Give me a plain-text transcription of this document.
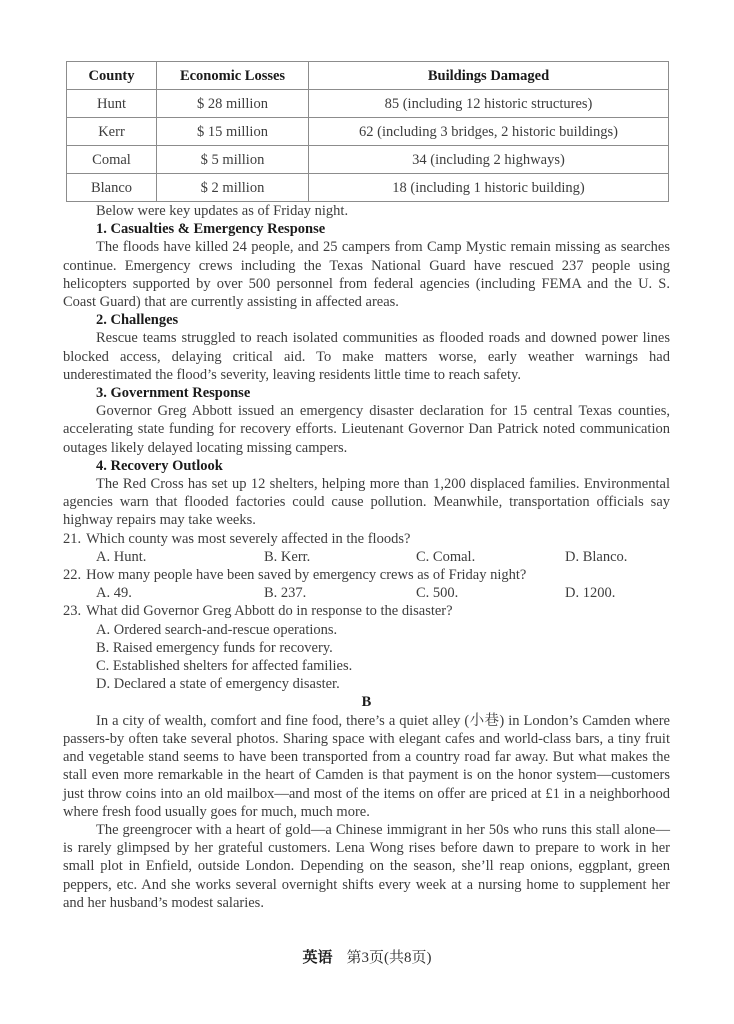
County	Economic Losses	Buildings Damaged
Hunt	$ 28 million	85 (including 12 historic structures)
Kerr	$ 15 million	62 (including 3 bridges, 2 historic buildings)
Comal	$ 5 million	34 (including 2 highways)
Blanco	$ 2 million	18 (including 1 historic building)

Below were key updates as of Friday night.

1. Casualties & Emergency Response

The floods have killed 24 people, and 25 campers from Camp Mystic remain missing as searches continue. Emergency crews including the Texas National Guard have rescued 237 people using helicopters supported by over 500 personnel from federal agencies (including FEMA and the U. S. Coast Guard) that are currently assisting in affected areas.

2. Challenges

Rescue teams struggled to reach isolated communities as flooded roads and downed power lines blocked access, delaying critical aid. To make matters worse, early weather warnings had underestimated the flood’s severity, leaving residents little time to reach safety.

3. Government Response

Governor Greg Abbott issued an emergency disaster declaration for 15 central Texas counties, accelerating state funding for recovery efforts. Lieutenant Governor Dan Patrick noted communication outages likely delayed locating missing campers.

4. Recovery Outlook

The Red Cross has set up 12 shelters, helping more than 1,200 displaced families. Environmental agencies warn that flooded factories could cause pollution. Meanwhile, transportation officials say highway repairs may take weeks.

21. Which county was most severely affected in the floods?

A. Hunt.	B. Kerr.	C. Comal.	D. Blanco.

22. How many people have been saved by emergency crews as of Friday night?

A. 49.	B. 237.	C. 500.	D. 1200.

23. What did Governor Greg Abbott do in response to the disaster?

A. Ordered search-and-rescue operations.

B. Raised emergency funds for recovery.

C. Established shelters for affected families.

D. Declared a state of emergency disaster.

B

In a city of wealth, comfort and fine food, there’s a quiet alley (小巷) in London’s Camden where passers-by often take several photos. Sharing space with elegant cafes and world-class bars, a tiny fruit and vegetable stand seems to have been transported from a country road far away. But what makes the stall even more remarkable in the heart of Camden is that payment is on the honor system—customers just throw coins into an old mailbox—and most of the items on offer are priced at £1 in a neighborhood where fresh food usually goes for much, much more.

The greengrocer with a heart of gold—a Chinese immigrant in her 50s who runs this stall alone—is rarely glimpsed by her grateful customers. Lena Wong rises before dawn to prepare to work in her small plot in Enfield, outside London. Depending on the season, she’ll reap onions, eggplant, green peppers, etc. And she works several overnight shifts every week at a nursing home to supplement her and her husband’s modest salaries.

英语 第3页(共8页)
